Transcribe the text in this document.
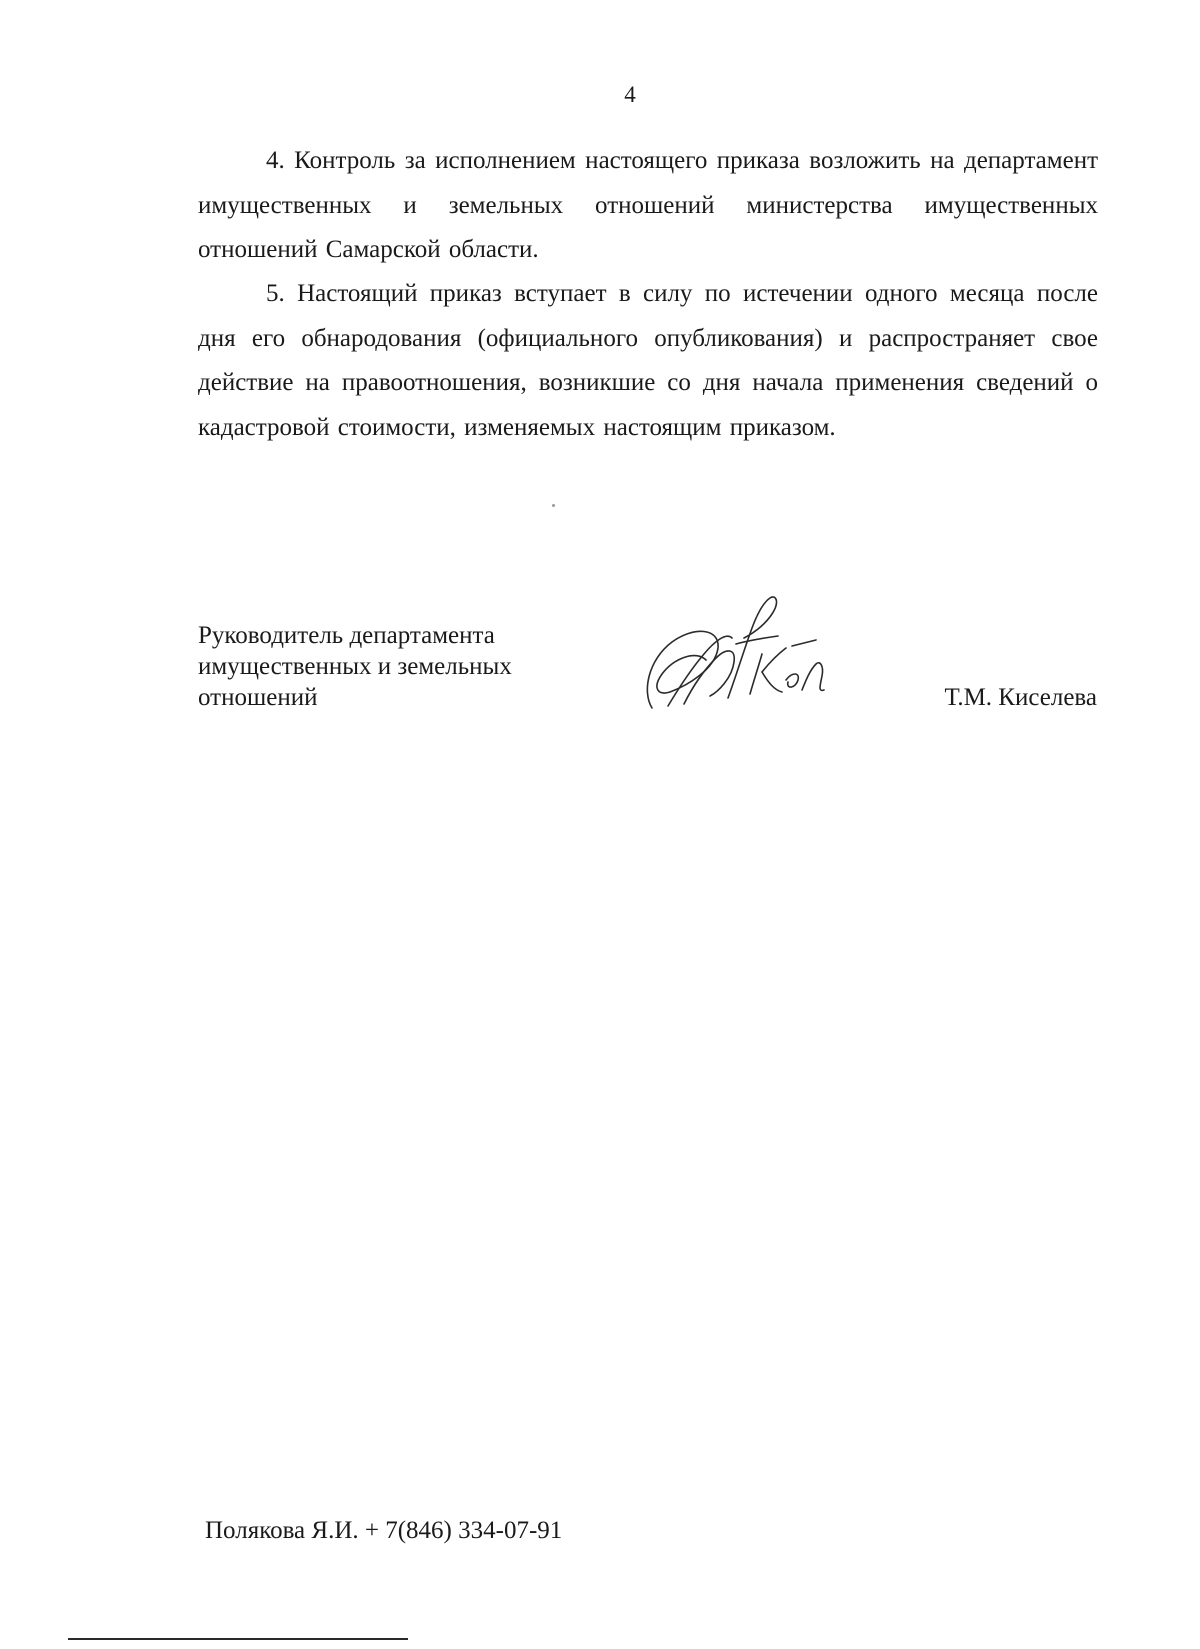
4

4. Контроль за исполнением настоящего приказа возложить на департамент имущественных и земельных отношений министерства имущественных отношений Самарской области.

5. Настоящий приказ вступает в силу по истечении одного месяца после дня его обнародования (официального опубликования) и распространяет свое действие на правоотношения, возникшие со дня начала применения сведений о кадастровой стоимости, изменяемых настоящим приказом.

Руководитель департамента
имущественных и земельных
отношений	Т.М. Киселева
Полякова Я.И. + 7(846) 334-07-91
